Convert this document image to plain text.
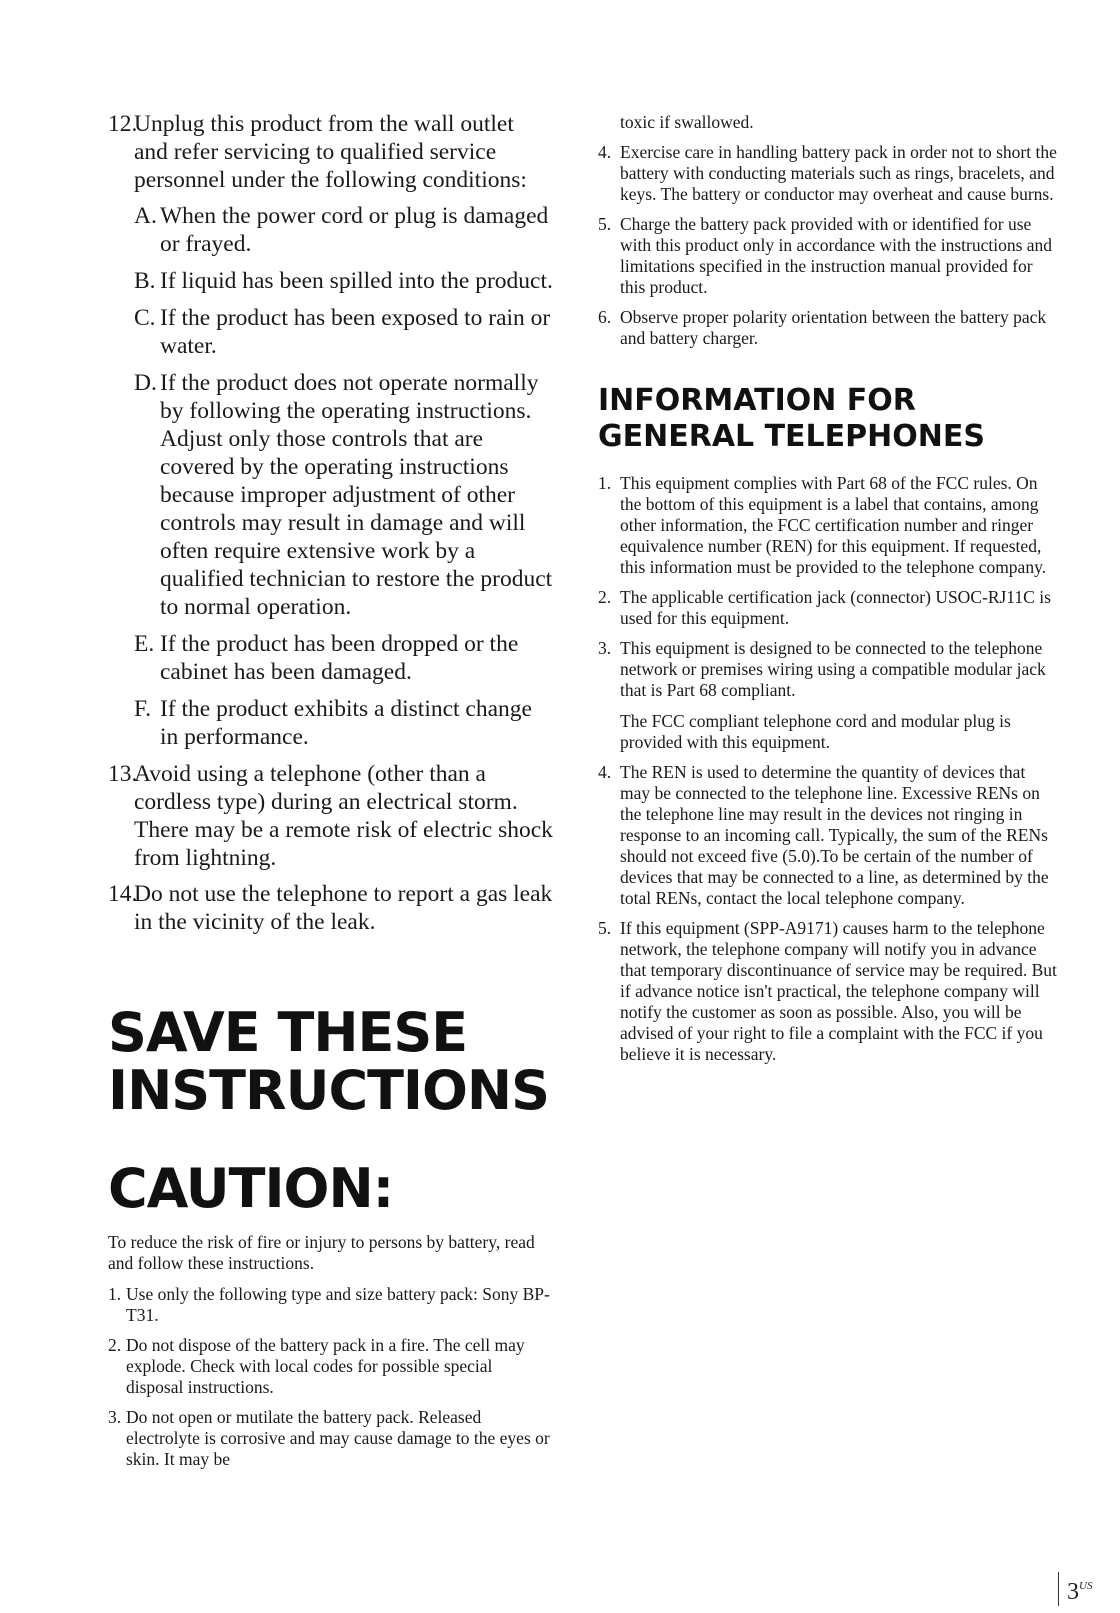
12.
Unplug this product from the wall outlet and refer servicing to qualified service personnel under the following conditions:
A. When the power cord or plug is damaged or frayed.
B. If liquid has been spilled into the product.
C. If the product has been exposed to rain or water.
D. If the product does not operate normally by following the operating instructions. Adjust only those controls that are covered by the operating instructions because improper adjustment of other controls may result in damage and will often require extensive work by a qualified technician to restore the product to normal operation.
E. If the product has been dropped or the cabinet has been damaged.
F. If the product exhibits a distinct change in performance.
13.
Avoid using a telephone (other than a cordless type) during an electrical storm. There may be a remote risk of electric shock from lightning.
14.
Do not use the telephone to report a gas leak in the vicinity of the leak.
SAVE THESE
INSTRUCTIONS
CAUTION:
To reduce the risk of fire or injury to persons by battery, read and follow these instructions.
1. Use only the following type and size battery pack: Sony BP-T31.
2. Do not dispose of the battery pack in a fire. The cell may explode. Check with local codes for possible special disposal instructions.
3. Do not open or mutilate the battery pack. Released electrolyte is corrosive and may cause damage to the eyes or skin. It may be
toxic if swallowed.
4. Exercise care in handling battery pack in order not to short the battery with conducting materials such as rings, bracelets, and keys. The battery or conductor may overheat and cause burns.
5. Charge the battery pack provided with or identified for use with this product only in accordance with the instructions and limitations specified in the instruction manual provided for this product.
6. Observe proper polarity orientation between the battery pack and battery charger.
INFORMATION FOR
GENERAL TELEPHONES
1. This equipment complies with Part 68 of the FCC rules. On the bottom of this equipment is a label that contains, among other information, the FCC certification number and ringer equivalence number (REN) for this equipment. If requested, this information must be provided to the telephone company.
2. The applicable certification jack (connector) USOC-RJ11C is used for this equipment.
3. This equipment is designed to be connected to the telephone network or premises wiring using a compatible modular jack that is Part 68 compliant.
The FCC compliant telephone cord and modular plug is provided with this equipment.
4. The REN is used to determine the quantity of devices that may be connected to the telephone line. Excessive RENs on the telephone line may result in the devices not ringing in response to an incoming call. Typically, the sum of the RENs should not exceed five (5.0).To be certain of the number of devices that may be connected to a line, as determined by the total RENs, contact the local telephone company.
5. If this equipment (SPP-A9171) causes harm to the telephone network, the telephone company will notify you in advance that temporary discontinuance of service may be required. But if advance notice isn't practical, the telephone company will notify the customer as soon as possible. Also, you will be advised of your right to file a complaint with the FCC if you believe it is necessary.
$3^{US}$
